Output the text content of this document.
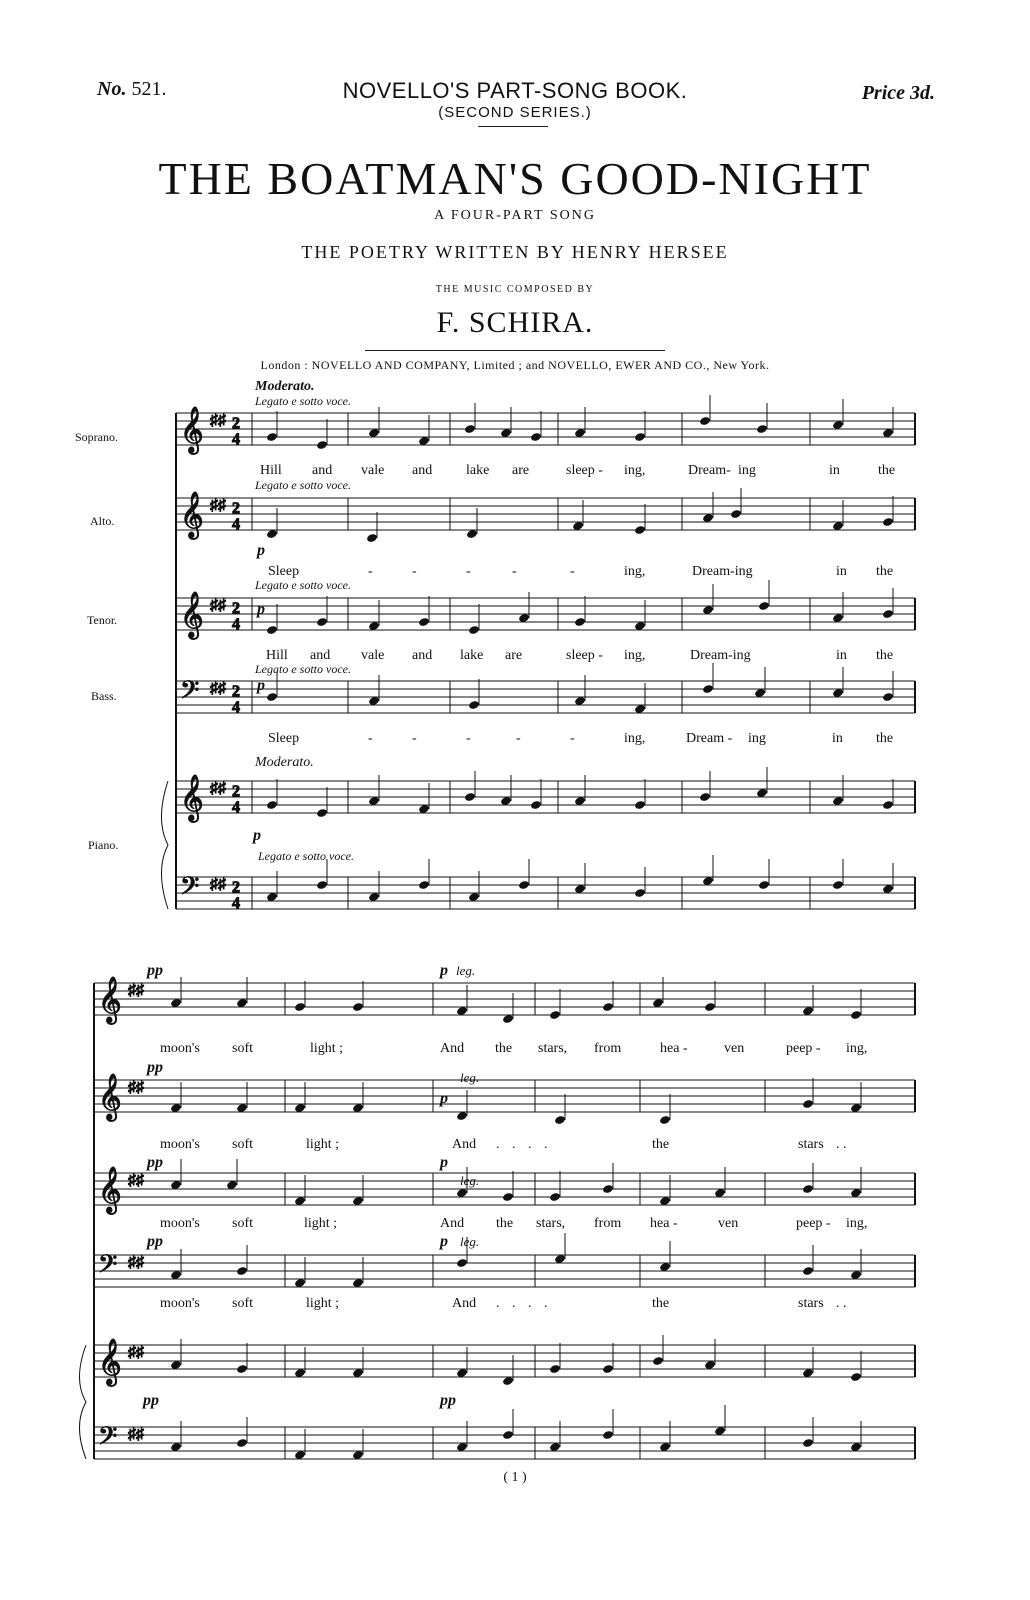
No. 521.	NOVELLO'S PART-SONG BOOK.
(SECOND SERIES.)
Price 3d.
THE BOATMAN'S GOOD-NIGHT
A FOUR-PART SONG
THE POETRY WRITTEN BY HENRY HERSEE
THE MUSIC COMPOSED BY
F. SCHIRA.
London : NOVELLO AND COMPANY, Limited ; and NOVELLO, EWER AND CO., New York.
𝄞 ♯♯ 2
4
𝄞 ♯♯ 2
4
𝄞 ♯♯ 2
4
𝄢 ♯♯ 2
4
𝄞 ♯♯ 2
4
𝄢 ♯♯ 2
4
𝄞 ♯♯
𝄞 ♯♯
𝄞 ♯♯
𝄢 ♯♯
𝄞 ♯♯
𝄢 ♯♯
Soprano.
Alto.
Tenor.
Bass.
Piano.
Moderato.
Legato e sotto voce.
Legato e sotto voce.
Legato e sotto voce.
Legato e sotto voce.
Moderato.
Legato e sotto voce.
p
p
p
p
Hill and vale and lake are	sleep - ing,	Dream- ing	in	the
Sleep	-	-	-	-	-	ing,	Dream-ing	in the
Hill and vale and lake are	sleep - ing,	Dream-ing	in the
Sleep	-	-	-	-	-	ing,	Dream - ing	in the
pp
pp
pp
pp
pp	pp
p
p
p
p
leg.
leg.
leg.
leg.
moon's soft	light ;	And the stars, from	hea -	ven	peep - ing,
moon's soft	light ;	And . . . .	the	stars . .
moon's soft	light ;	And the stars, from hea -	ven	peep - ing,
moon's soft	light ;	And . . . .	the	stars . .
( 1 )
